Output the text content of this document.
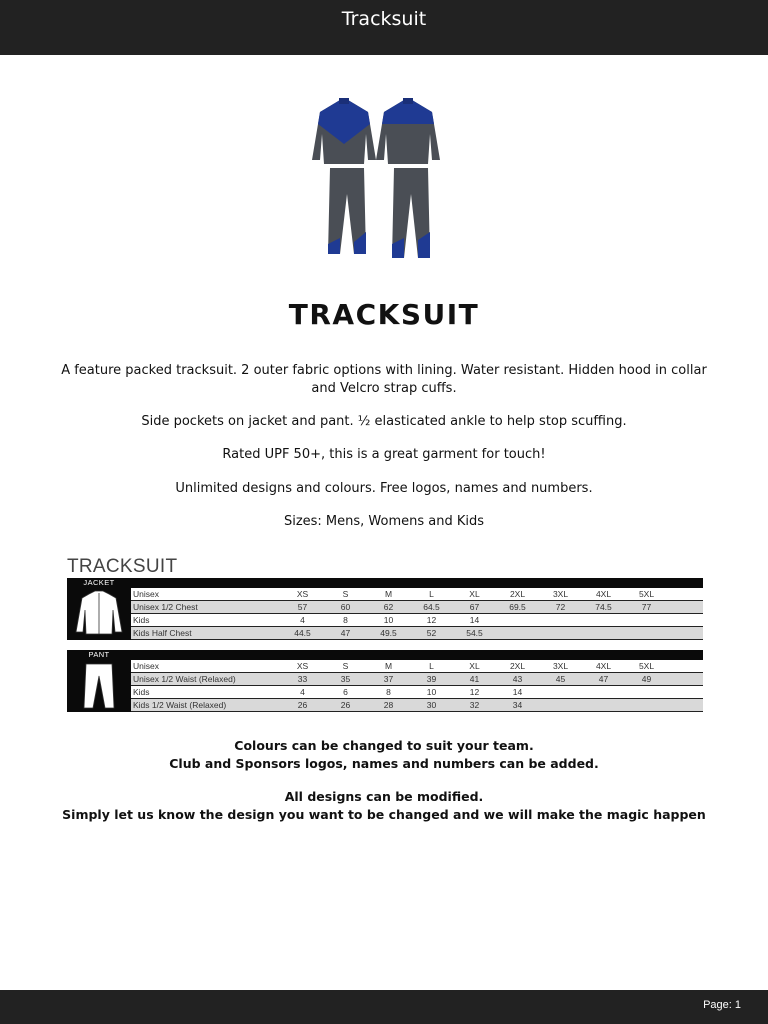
Tracksuit
TRACKSUIT
A feature packed tracksuit. 2 outer fabric options with lining. Water resistant. Hidden hood in collar and Velcro strap cuffs.
Side pockets on jacket and pant. ½ elasticated ankle to help stop scuffing.
Rated UPF 50+, this is a great garment for touch!
Unlimited designs and colours. Free logos, names and numbers.
Sizes: Mens, Womens and Kids
TRACKSUIT
JACKET
Unisex	XS	S	M	L	XL	2XL	3XL	4XL	5XL
Unisex 1/2 Chest	57	60	62	64.5	67	69.5	72	74.5	77
Kids	4	8	10	12	14
Kids Half Chest	44.5	47	49.5	52	54.5
PANT
Unisex	XS	S	M	L	XL	2XL	3XL	4XL	5XL
Unisex 1/2 Waist (Relaxed)	33	35	37	39	41	43	45	47	49
Kids	4	6	8	10	12	14
Kids 1/2 Waist (Relaxed)	26	26	28	30	32	34
Colours can be changed to suit your team.
Club and Sponsors logos, names and numbers can be added.
All designs can be modified.
Simply let us know the design you want to be changed and we will make the magic happen
Page: 1
